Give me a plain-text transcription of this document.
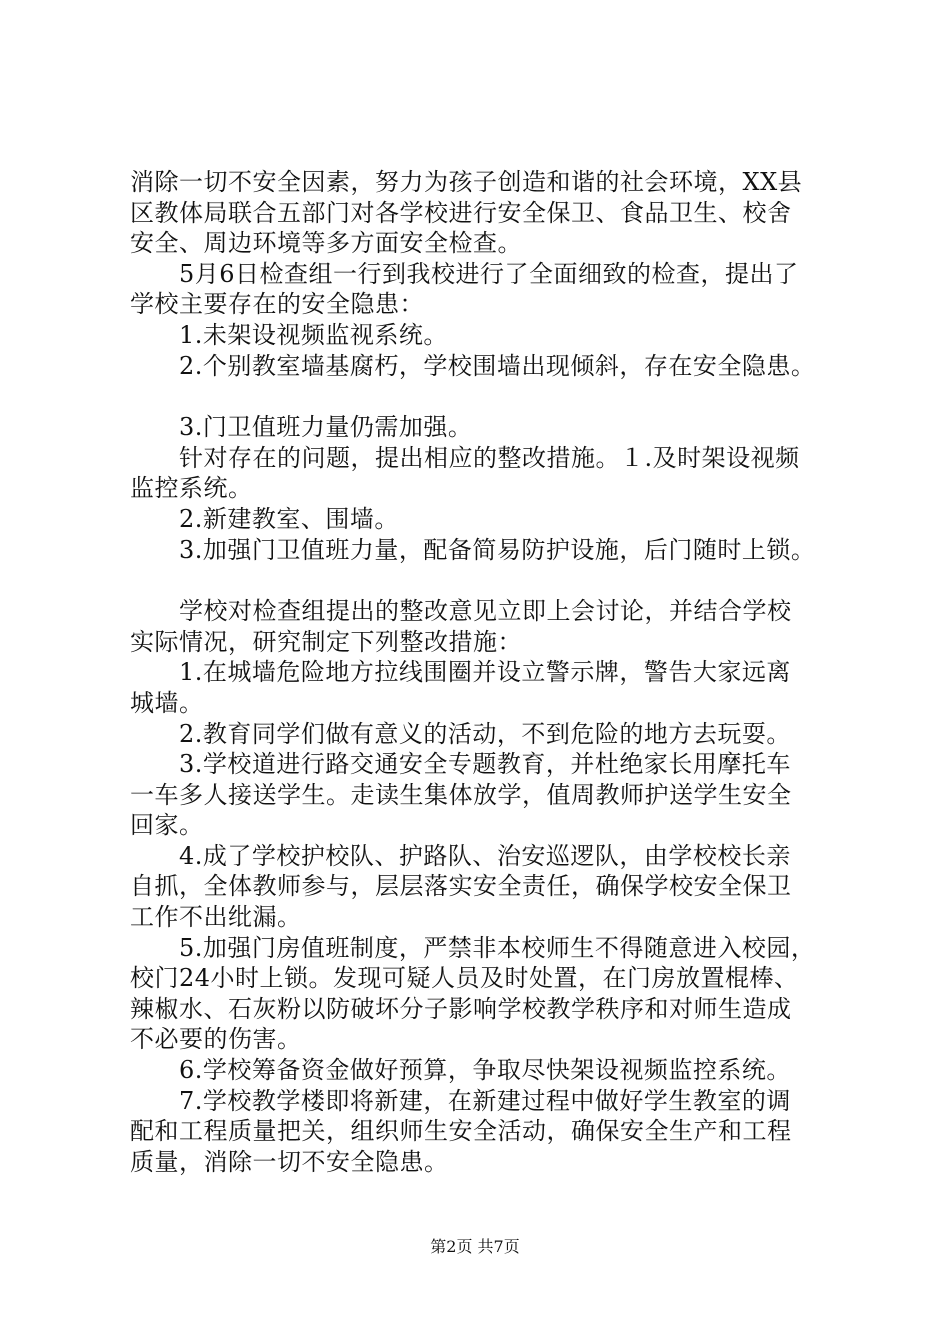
消除一切不安全因素，努力为孩子创造和谐的社会环境，XX县

区教体局联合五部门对各学校进行安全保卫、食品卫生、校舍

安全、周边环境等多方面安全检查。

5月6日检查组一行到我校进行了全面细致的检查，提出了

学校主要存在的安全隐患：

1.未架设视频监视系统。

2.个别教室墙基腐朽，学校围墙出现倾斜，存在安全隐患。

3.门卫值班力量仍需加强。

针对存在的问题，提出相应的整改措施。１.及时架设视频

监控系统。

2.新建教室、围墙。

3.加强门卫值班力量，配备简易防护设施，后门随时上锁。

学校对检查组提出的整改意见立即上会讨论，并结合学校

实际情况，研究制定下列整改措施：

1.在城墙危险地方拉线围圈并设立警示牌，警告大家远离

城墙。

2.教育同学们做有意义的活动，不到危险的地方去玩耍。

3.学校道进行路交通安全专题教育，并杜绝家长用摩托车

一车多人接送学生。走读生集体放学，值周教师护送学生安全

回家。

4.成了学校护校队、护路队、治安巡逻队，由学校校长亲

自抓，全体教师参与，层层落实安全责任，确保学校安全保卫

工作不出纰漏。

5.加强门房值班制度，严禁非本校师生不得随意进入校园，

校门24小时上锁。发现可疑人员及时处置，在门房放置棍棒、

辣椒水、石灰粉以防破坏分子影响学校教学秩序和对师生造成

不必要的伤害。

6.学校筹备资金做好预算，争取尽快架设视频监控系统。

7.学校教学楼即将新建，在新建过程中做好学生教室的调

配和工程质量把关，组织师生安全活动，确保安全生产和工程

质量，消除一切不安全隐患。

第2页 共7页
